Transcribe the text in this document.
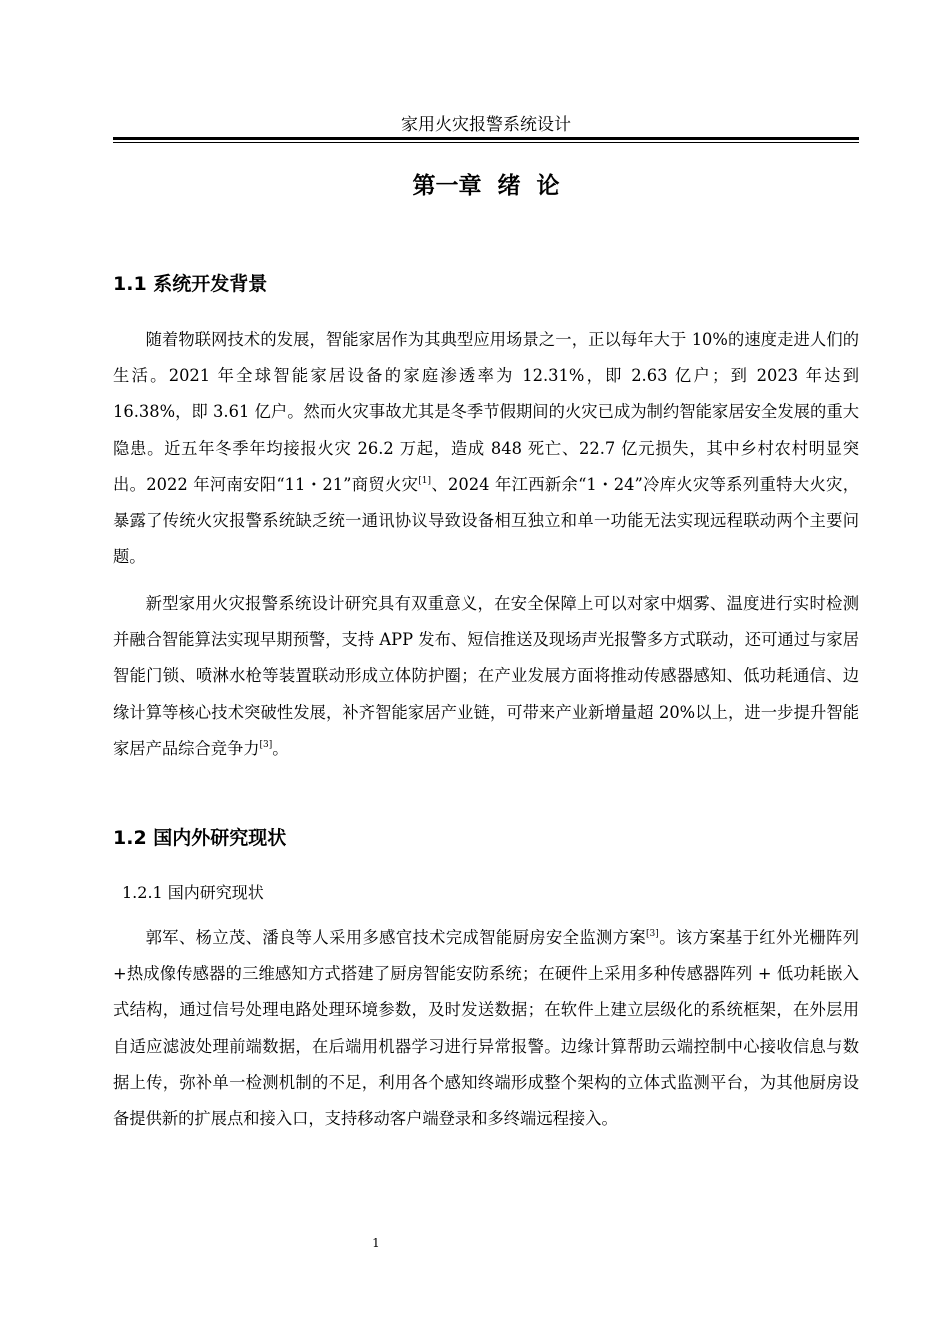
家用火灾报警系统设计
第一章  绪  论
1.1 系统开发背景

随着物联网技术的发展，智能家居作为其典型应用场景之一，正以每年大于 10%的速度走进人们的生活。2021 年全球智能家居设备的家庭渗透率为 12.31%，即 2.63 亿户；到 2023 年达到 16.38%，即 3.61 亿户。然而火灾事故尤其是冬季节假期间的火灾已成为制约智能家居安全发展的重大隐患。近五年冬季年均接报火灾 26.2 万起，造成 848 死亡、22.7 亿元损失，其中乡村农村明显突出。2022 年河南安阳“11・21”商贸火灾[1]、2024 年江西新余“1・24”冷库火灾等系列重特大火灾，暴露了传统火灾报警系统缺乏统一通讯协议导致设备相互独立和单一功能无法实现远程联动两个主要问题。

新型家用火灾报警系统设计研究具有双重意义，在安全保障上可以对家中烟雾、温度进行实时检测并融合智能算法实现早期预警，支持 APP 发布、短信推送及现场声光报警多方式联动，还可通过与家居智能门锁、喷淋水枪等装置联动形成立体防护圈；在产业发展方面将推动传感器感知、低功耗通信、边缘计算等核心技术突破性发展，补齐智能家居产业链，可带来产业新增量超 20%以上，进一步提升智能家居产品综合竞争力[3]。

1.2 国内外研究现状
1.2.1 国内研究现状

郭军、杨立茂、潘良等人采用多感官技术完成智能厨房安全监测方案[3]。该方案基于红外光栅阵列+热成像传感器的三维感知方式搭建了厨房智能安防系统；在硬件上采用多种传感器阵列 + 低功耗嵌入式结构，通过信号处理电路处理环境参数，及时发送数据；在软件上建立层级化的系统框架，在外层用自适应滤波处理前端数据，在后端用机器学习进行异常报警。边缘计算帮助云端控制中心接收信息与数据上传，弥补单一检测机制的不足，利用各个感知终端形成整个架构的立体式监测平台，为其他厨房设备提供新的扩展点和接入口，支持移动客户端登录和多终端远程接入。

1
